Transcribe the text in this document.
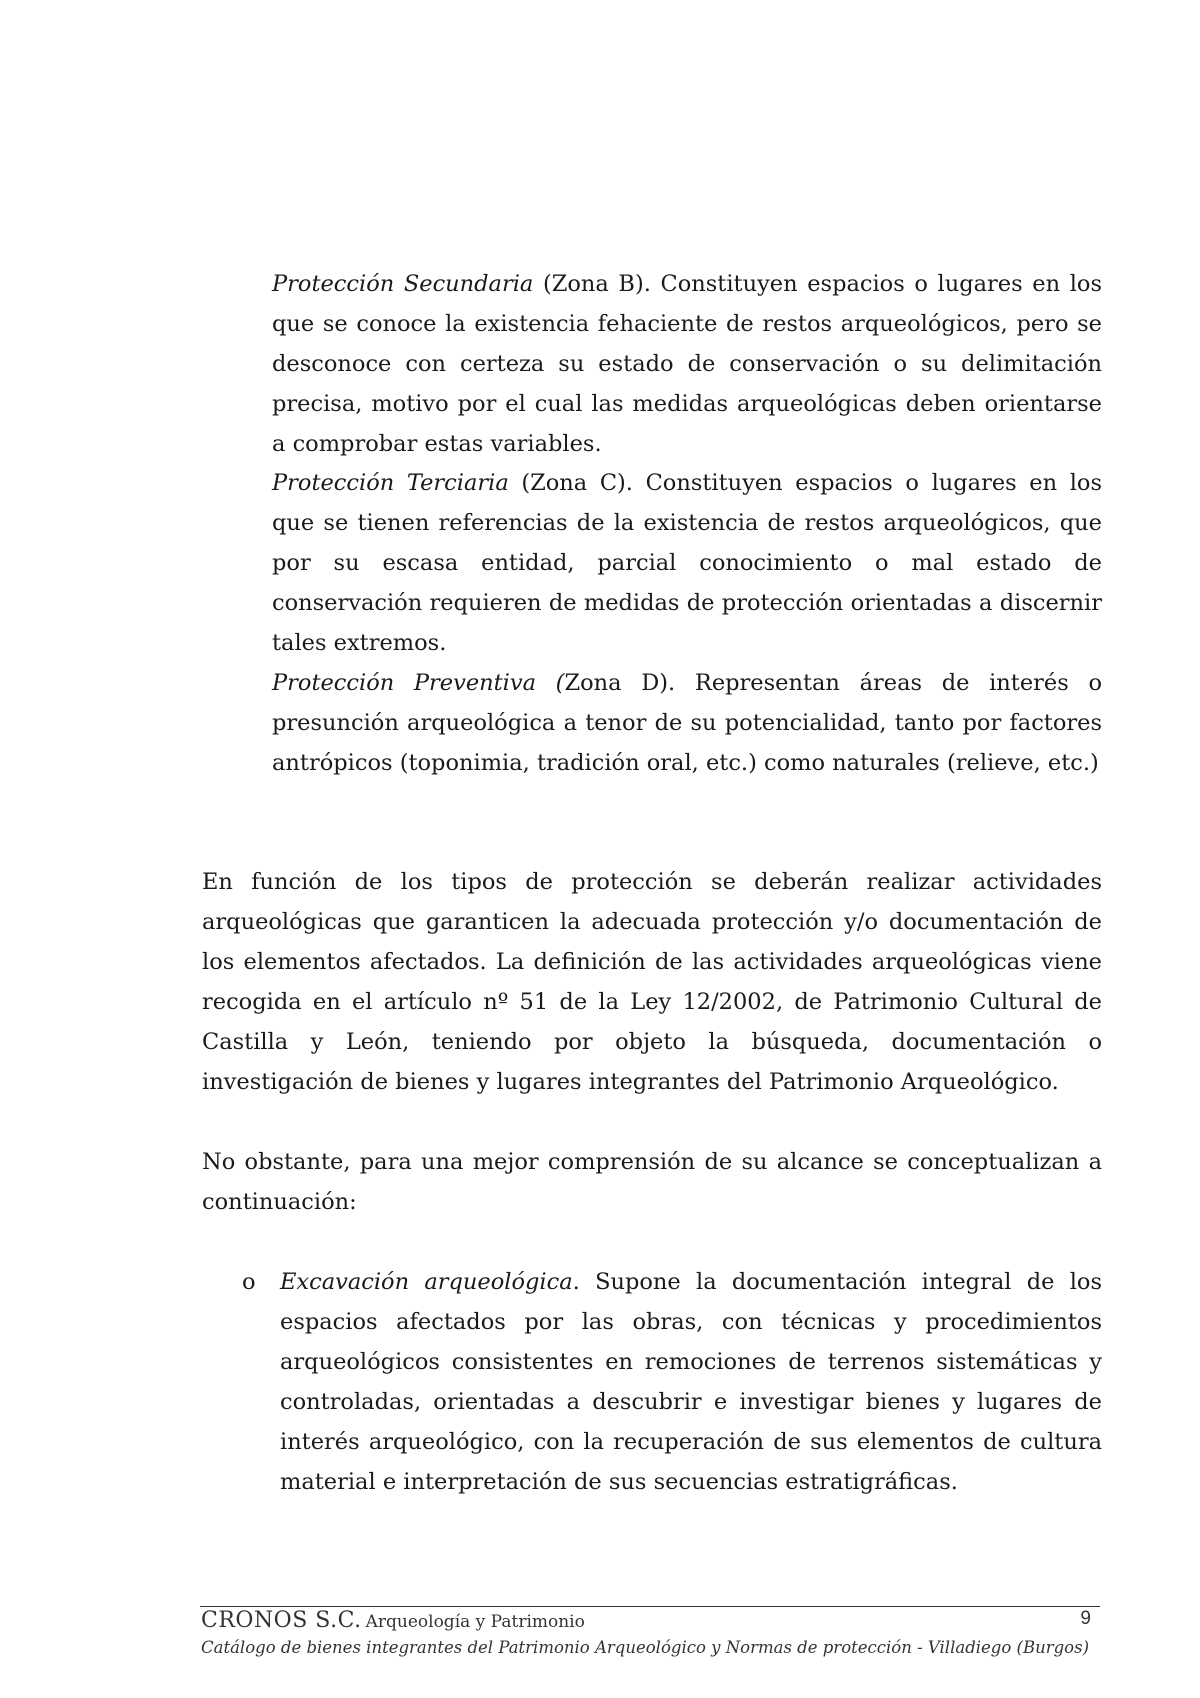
Protección Secundaria (Zona B). Constituyen espacios o lugares en los que se conoce la existencia fehaciente de restos arqueológicos, pero se desconoce con certeza su estado de conservación o su delimitación precisa, motivo por el cual las medidas arqueológicas deben orientarse a comprobar estas variables.

Protección Terciaria (Zona C). Constituyen espacios o lugares en los que se tienen referencias de la existencia de restos arqueológicos, que por su escasa entidad, parcial conocimiento o mal estado de conservación requieren de medidas de protección orientadas a discernir tales extremos.

Protección Preventiva (Zona D). Representan áreas de interés o presunción arqueológica a tenor de su potencialidad, tanto por factores antrópicos (toponimia, tradición oral, etc.) como naturales (relieve, etc.)

En función de los tipos de protección se deberán realizar actividades arqueológicas que garanticen la adecuada protección y/o documentación de los elementos afectados. La definición de las actividades arqueológicas viene recogida en el artículo nº 51 de la Ley 12/2002, de Patrimonio Cultural de Castilla y León, teniendo por objeto la búsqueda, documentación o investigación de bienes y lugares integrantes del Patrimonio Arqueológico.

No obstante, para una mejor comprensión de su alcance se conceptualizan a continuación:

o Excavación arqueológica. Supone la documentación integral de los espacios afectados por las obras, con técnicas y procedimientos arqueológicos consistentes en remociones de terrenos sistemáticas y controladas, orientadas a descubrir e investigar bienes y lugares de interés arqueológico, con la recuperación de sus elementos de cultura material e interpretación de sus secuencias estratigráficas.

CRONOS S.C. Arqueología y Patrimonio	9
Catálogo de bienes integrantes del Patrimonio Arqueológico y Normas de protección - Villadiego (Burgos)
